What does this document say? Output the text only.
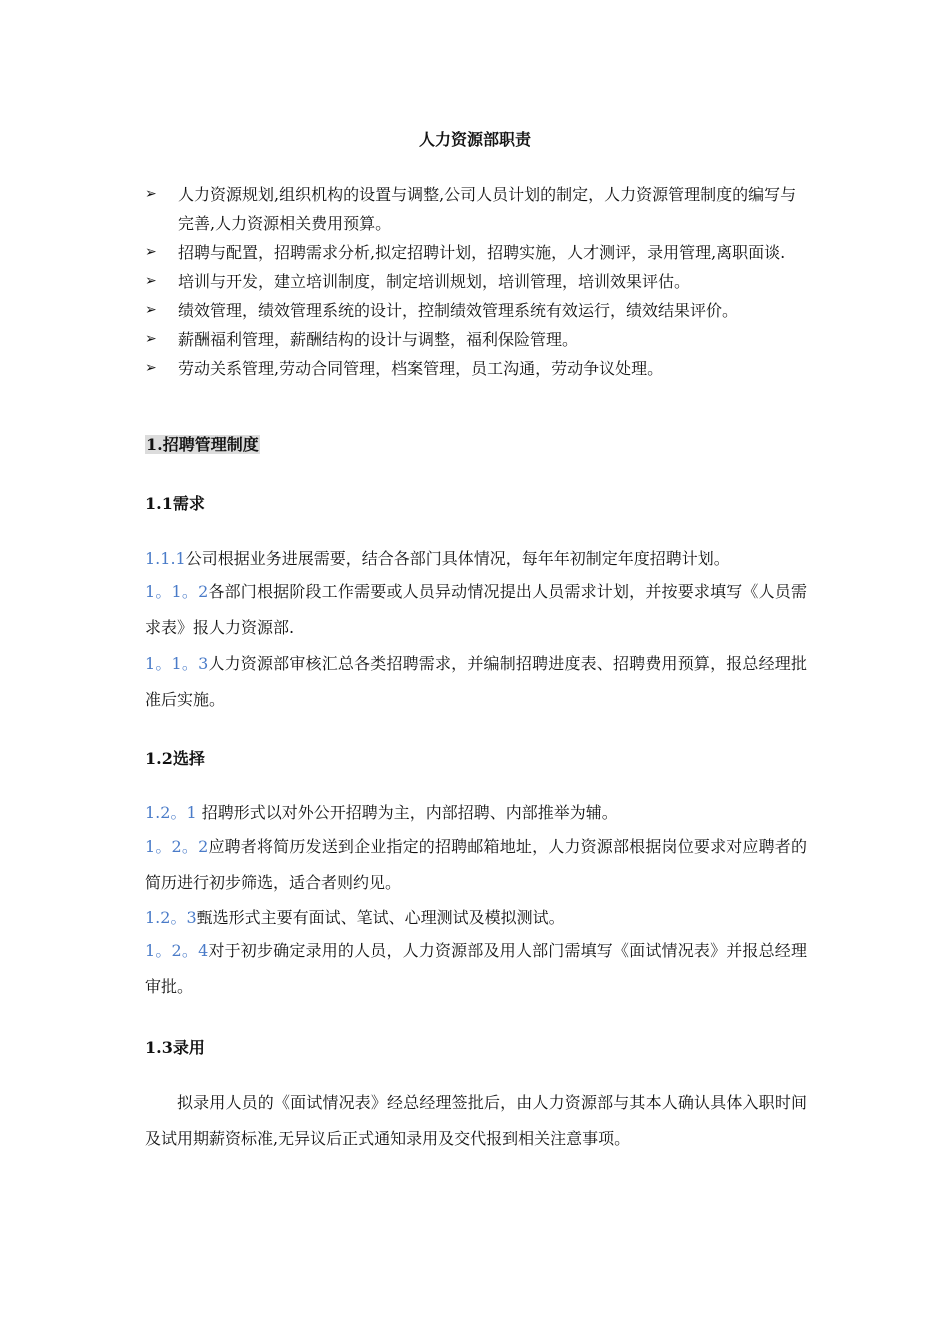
人力资源部职责
➢ 人力资源规划,组织机构的设置与调整,公司人员计划的制定，人力资源管理制度的编写与完善,人力资源相关费用预算。
➢ 招聘与配置，招聘需求分析,拟定招聘计划，招聘实施，人才测评，录用管理,离职面谈.
➢ 培训与开发，建立培训制度，制定培训规划，培训管理，培训效果评估。
➢ 绩效管理，绩效管理系统的设计，控制绩效管理系统有效运行，绩效结果评价。
➢ 薪酬福利管理，薪酬结构的设计与调整，福利保险管理。
➢ 劳动关系管理,劳动合同管理，档案管理，员工沟通，劳动争议处理。
1.招聘管理制度
1.1需求
1.1.1公司根据业务进展需要，结合各部门具体情况，每年年初制定年度招聘计划。
1。1。2各部门根据阶段工作需要或人员异动情况提出人员需求计划，并按要求填写《人员需求表》报人力资源部.
1。1。3人力资源部审核汇总各类招聘需求，并编制招聘进度表、招聘费用预算，报总经理批准后实施。
1.2选择
1.2。1 招聘形式以对外公开招聘为主，内部招聘、内部推举为辅。
1。2。2应聘者将简历发送到企业指定的招聘邮箱地址，人力资源部根据岗位要求对应聘者的简历进行初步筛选，适合者则约见。
1.2。3甄选形式主要有面试、笔试、心理测试及模拟测试。
1。2。4对于初步确定录用的人员，人力资源部及用人部门需填写《面试情况表》并报总经理审批。
1.3录用
拟录用人员的《面试情况表》经总经理签批后，由人力资源部与其本人确认具体入职时间及试用期薪资标准,无异议后正式通知录用及交代报到相关注意事项。
